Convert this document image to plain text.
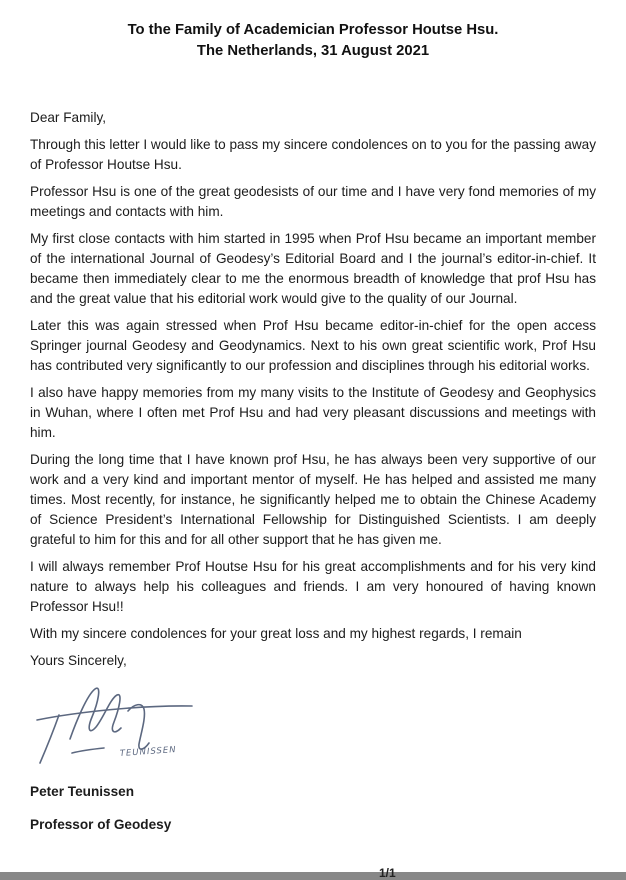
To the Family of Academician Professor Houtse Hsu.
The Netherlands, 31 August 2021

Dear Family,

Through this letter I would like to pass my sincere condolences on to you for the passing away of Professor Houtse Hsu.

Professor Hsu is one of the great geodesists of our time and I have very fond memories of my meetings and contacts with him.

My first close contacts with him started in 1995 when Prof Hsu became an important member of the international Journal of Geodesy’s Editorial Board and I the journal’s editor-in-chief. It became then immediately clear to me the enormous breadth of knowledge that prof Hsu has and the great value that his editorial work would give to the quality of our Journal.

Later this was again stressed when Prof Hsu became editor-in-chief for the open access Springer journal Geodesy and Geodynamics. Next to his own great scientific work, Prof Hsu has contributed very significantly to our profession and disciplines through his editorial works.

I also have happy memories from my many visits to the Institute of Geodesy and Geophysics in Wuhan, where I often met Prof Hsu and had very pleasant discussions and meetings with him.

During the long time that I have known prof Hsu, he has always been very supportive of our work and a very kind and important mentor of myself. He has helped and assisted me many times. Most recently, for instance, he significantly helped me to obtain the Chinese Academy of Science President’s International Fellowship for Distinguished Scientists. I am deeply grateful to him for this and for all other support that he has given me.

I will always remember Prof Houtse Hsu for his great accomplishments and for his very kind nature to always help his colleagues and friends. I am very honoured of having known Professor Hsu!!

With my sincere condolences for your great loss and my highest regards, I remain

Yours Sincerely,

TEUNISSEN
Peter Teunissen
Professor of Geodesy
1/1
